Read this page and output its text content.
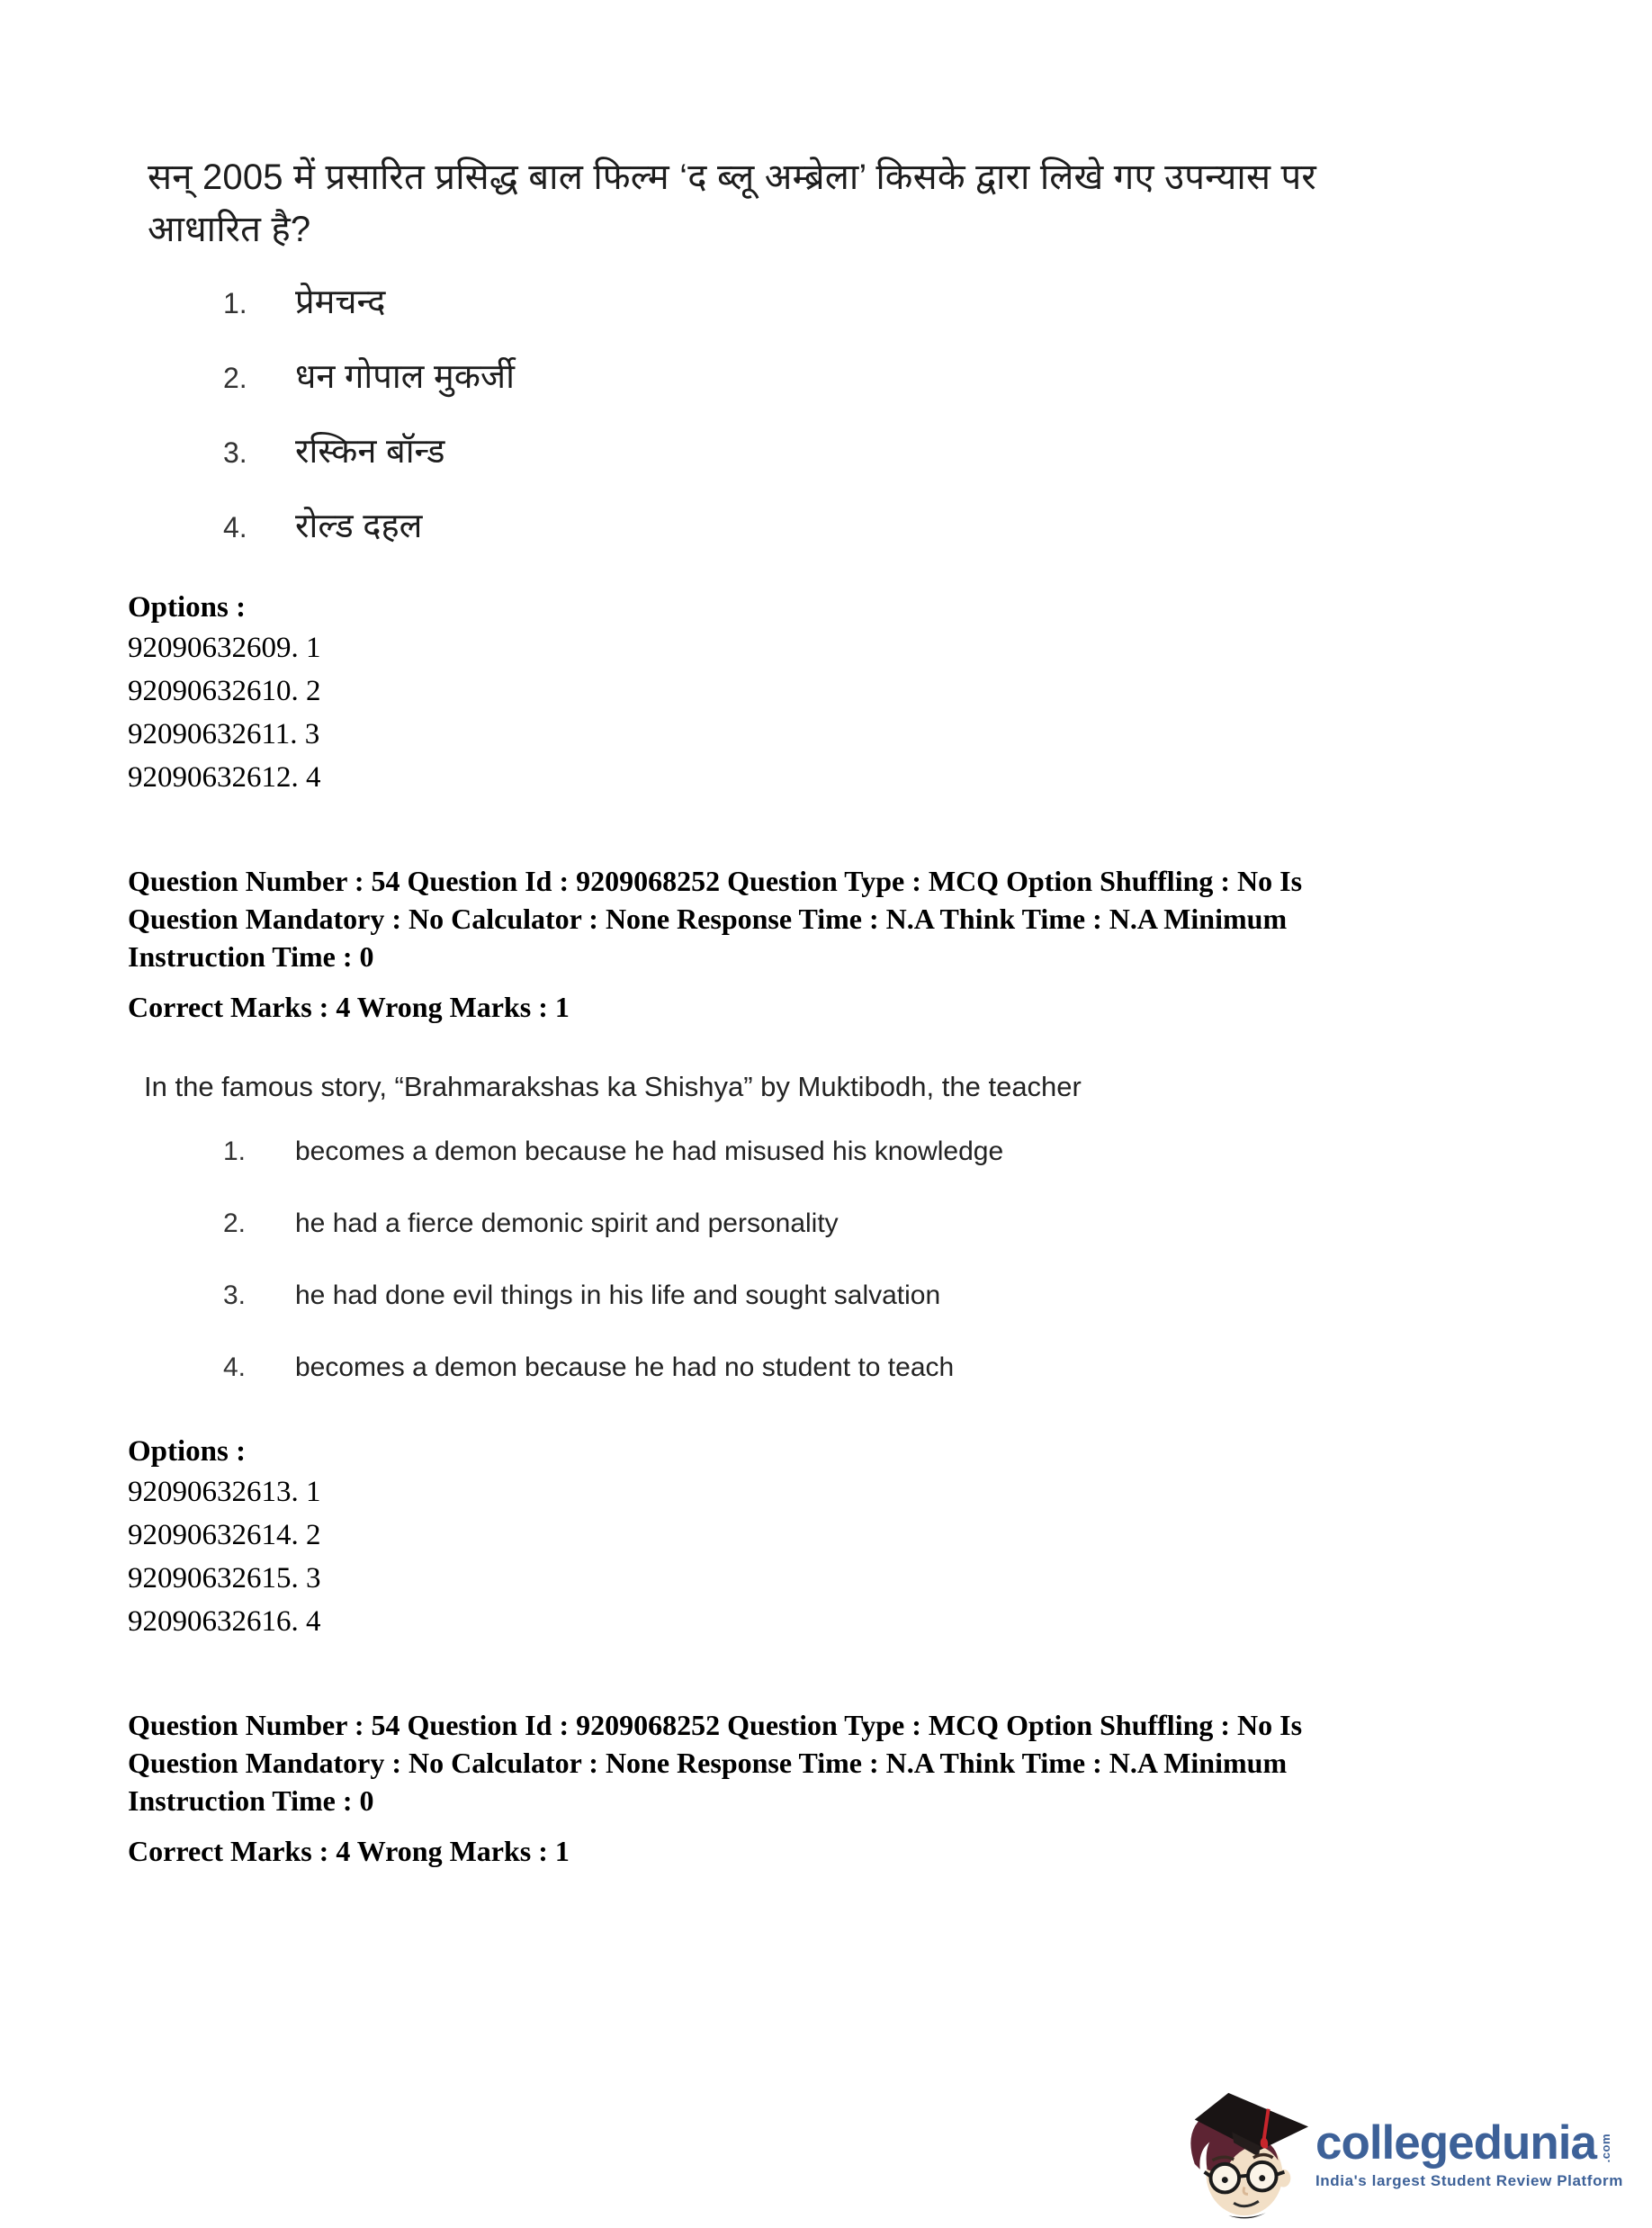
सन् 2005 में प्रसारित प्रसिद्ध बाल फिल्म ‘द ब्लू अम्ब्रेला’ किसके द्वारा लिखे गए उपन्यास पर आधारित है?

1.	प्रेमचन्द
2.	धन गोपाल मुकर्जी
3.	रस्किन बॉन्ड
4.	रोल्ड दहल

Options :

92090632609. 1

92090632610. 2

92090632611. 3

92090632612. 4

Question Number : 54 Question Id : 9209068252 Question Type : MCQ Option Shuffling : No Is

Question Mandatory : No Calculator : None Response Time : N.A Think Time : N.A Minimum

Instruction Time : 0

Correct Marks : 4 Wrong Marks : 1

In the famous story, “Brahmarakshas ka Shishya” by Muktibodh, the teacher

1.	becomes a demon because he had misused his knowledge
2.	he had a fierce demonic spirit and personality
3.	he had done evil things in his life and sought salvation
4.	becomes a demon because he had no student to teach

Options :

92090632613. 1

92090632614. 2

92090632615. 3

92090632616. 4

Question Number : 54 Question Id : 9209068252 Question Type : MCQ Option Shuffling : No Is

Question Mandatory : No Calculator : None Response Time : N.A Think Time : N.A Minimum

Instruction Time : 0

Correct Marks : 4 Wrong Marks : 1

collegedunia .com
India's largest Student Review Platform
